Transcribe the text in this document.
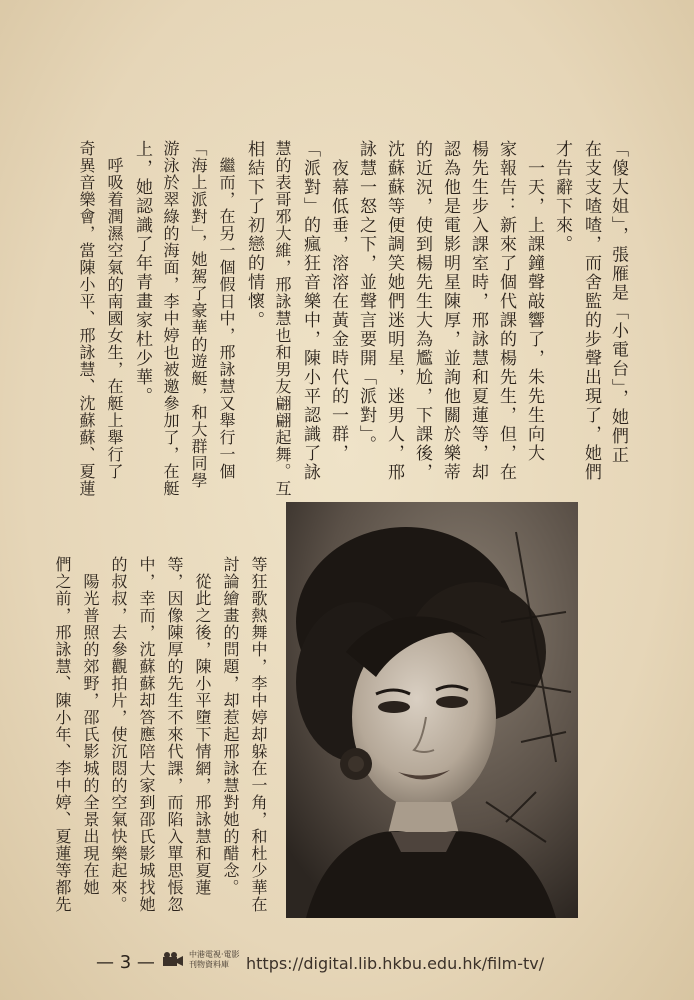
「傻大姐」，張雁是「小電台」，她們正
在支支喳喳，而舍監的步聲出現了，她們
才告辭下來。
　一天，上課鐘聲敲響了，朱先生向大
家報告：新來了個代課的楊先生，但，在
楊先生步入課室時，邢詠慧和夏蓮等，却
認為他是電影明星陳厚，並詢他關於樂蒂
的近況，使到楊先生大為尷尬，下課後，
沈蘇蘇等便調笑她們迷明星，迷男人，邢
詠慧一怒之下，並聲言要開「派對」。
　夜幕低垂，溶溶在黃金時代的一群，
「派對」的瘋狂音樂中，陳小平認識了詠
慧的表哥邪大維，邢詠慧也和男友翩翩起舞。互
相結下了初戀的情懷。
　繼而，在另一個假日中，邢詠慧又舉行一個
「海上派對」，她駕了豪華的遊艇，和大群同學
游泳於翠綠的海面，李中婷也被邀參加了，在艇
上，她認識了年青畫家杜少華。
　呼吸着潤濕空氣的南國女生，在艇上舉行了
奇異音樂會，當陳小平、邢詠慧、沈蘇蘇、夏蓮
等狂歌熱舞中，李中婷却躲在一角，和杜少華在
討論繪畫的問題，却惹起邢詠慧對她的醋念。
　從此之後，陳小平墮下情網，邢詠慧和夏蓮
等，因像陳厚的先生不來代課，而陷入單思悵忽
中，幸而，沈蘇蘇却答應陪大家到邵氏影城找她
的叔叔，去參觀拍片，使沉悶的空氣快樂起來。
　陽光普照的郊野，邵氏影城的全景出現在她
們之前，邢詠慧、陳小年、李中婷、夏蓮等都先
— 3 —	中港電視·電影
刊物資料庫	https://digital.lib.hkbu.edu.hk/film-tv/
